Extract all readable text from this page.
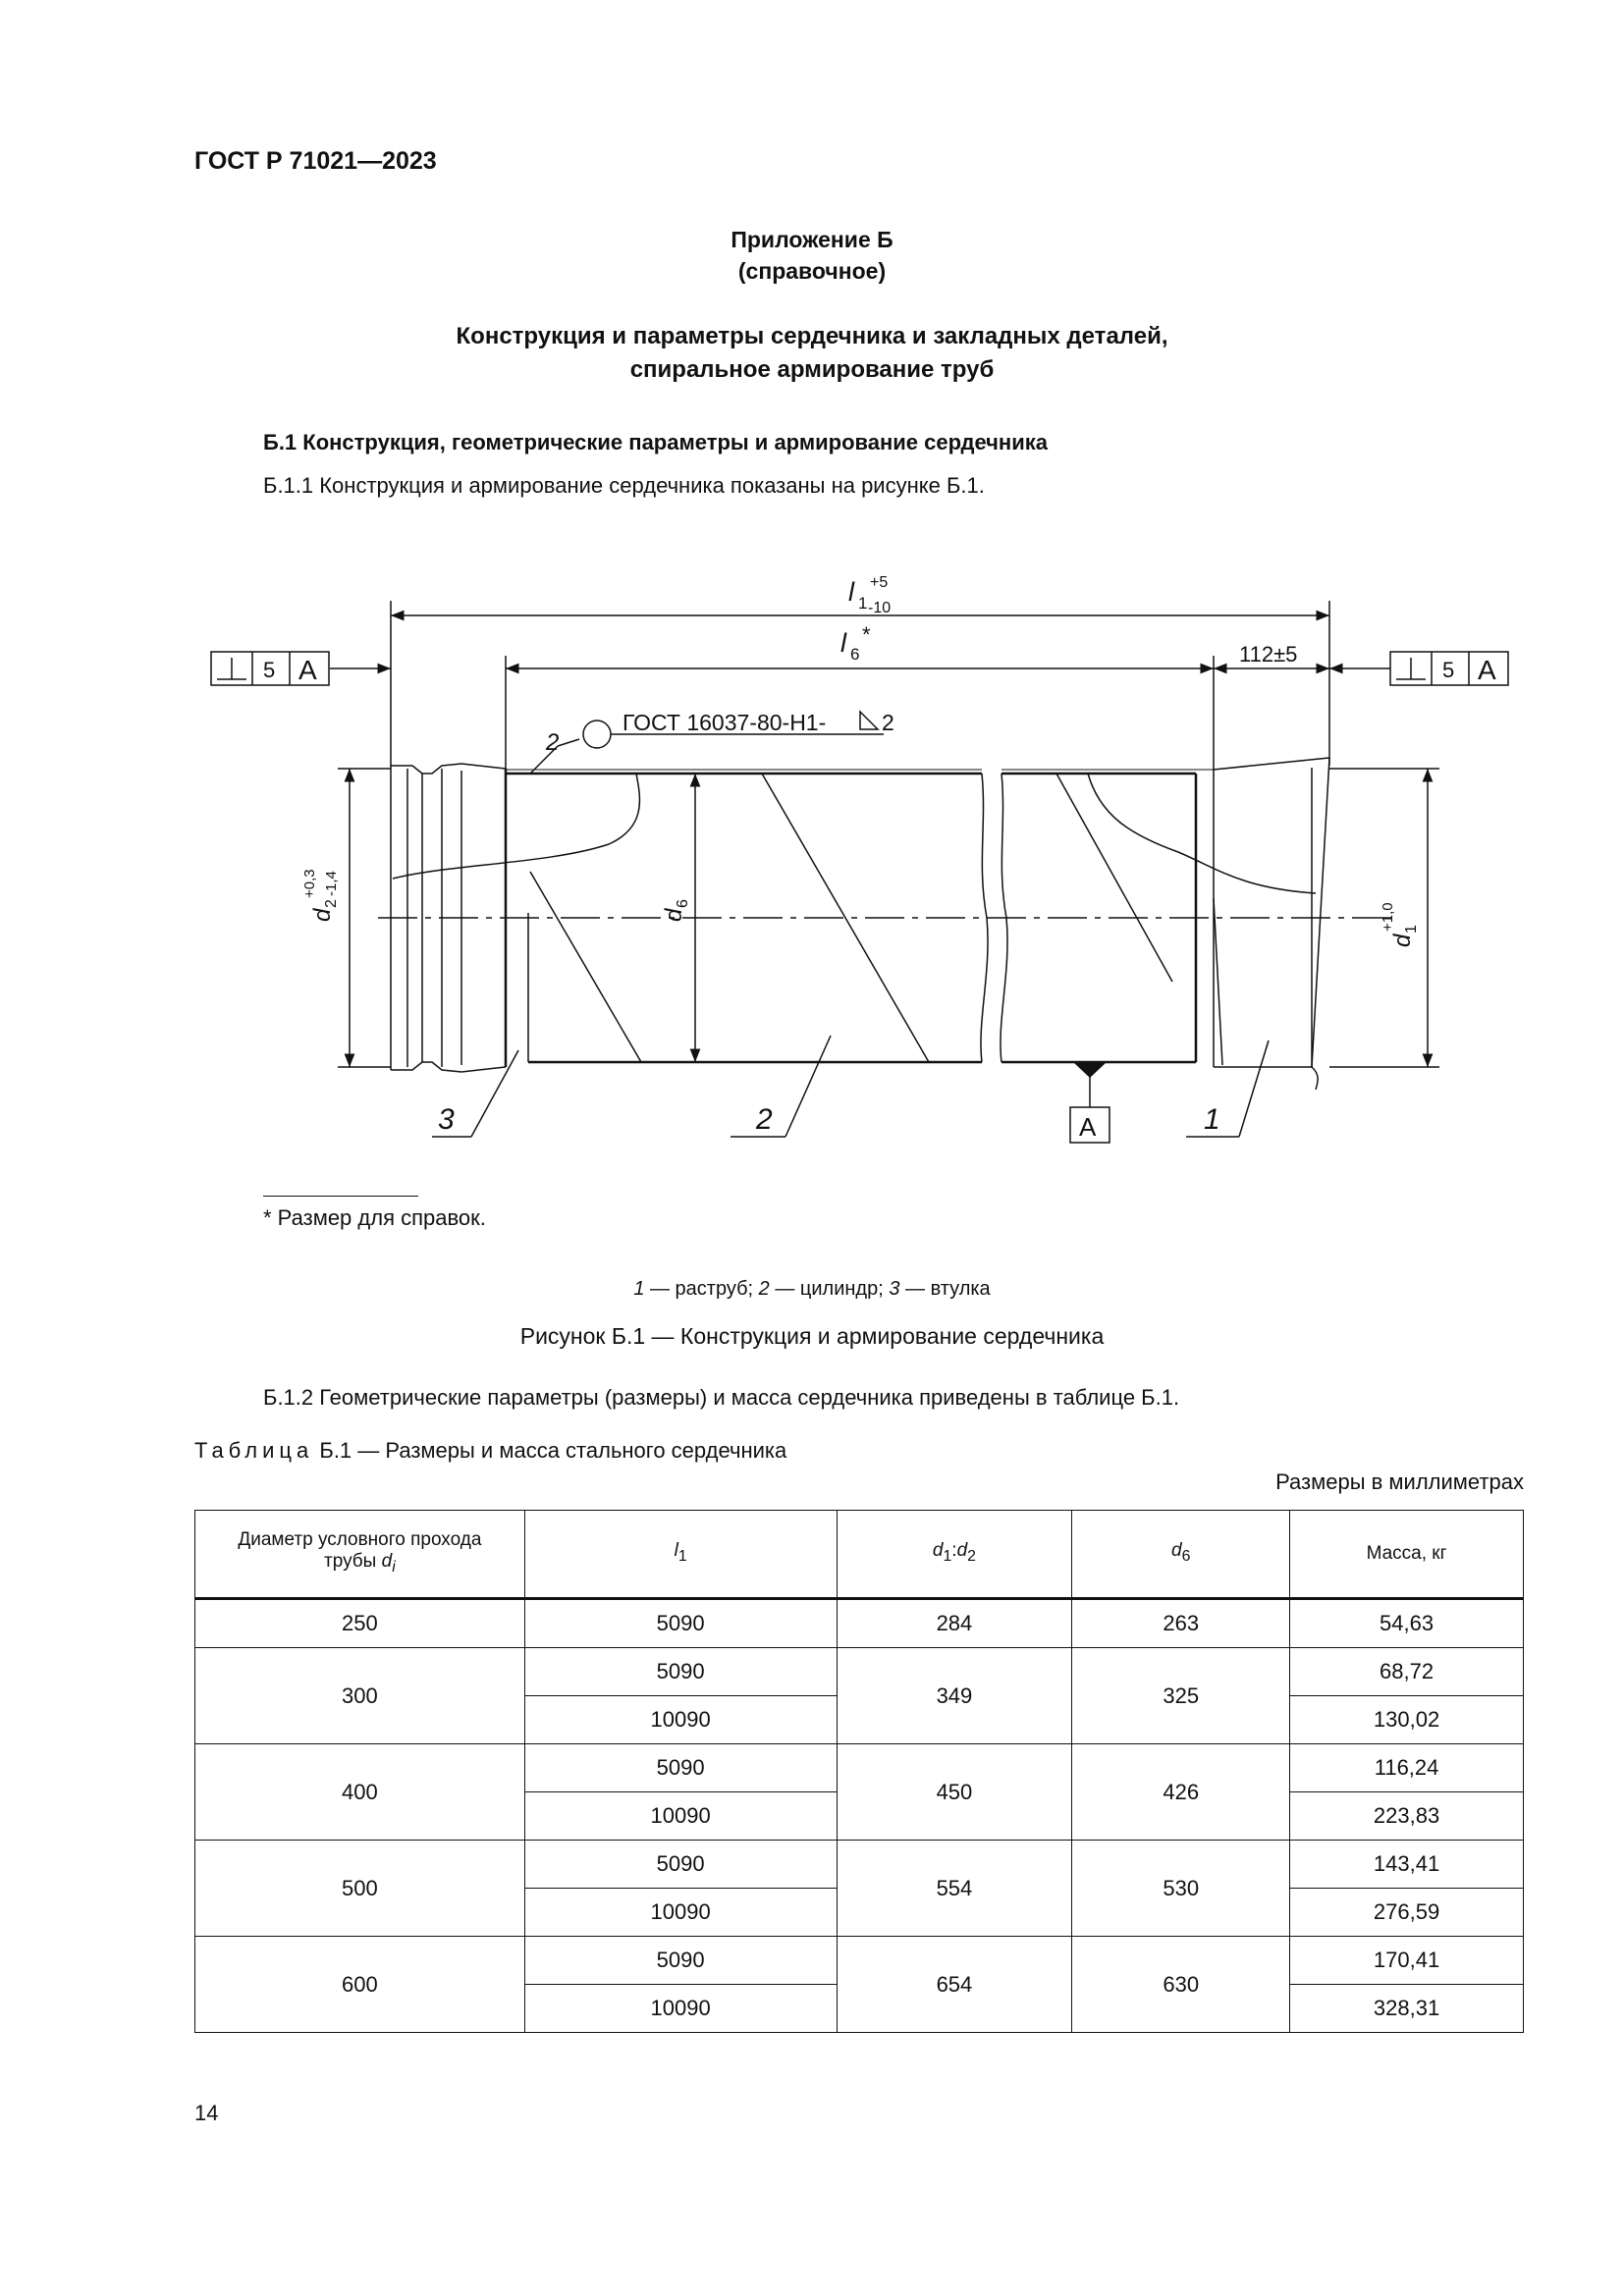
ГОСТ Р 71021—2023
Приложение Б
(справочное)
Конструкция и параметры сердечника и закладных деталей,
спиральное армирование труб
Б.1 Конструкция, геометрические параметры и армирование сердечника
Б.1.1 Конструкция и армирование сердечника показаны на рисунке Б.1.
l 1
+5
-10
l 6
*
112±5
5 A	5 A
ГОСТ 16037-80-Н1- 2
2
A
3	2	1
d
2
+0,3 -1,4
d
6
d
1
+1,0
* Размер для справок.
1 — раструб; 2 — цилиндр; 3 — втулка
Рисунок Б.1 — Конструкция и армирование сердечника
Б.1.2 Геометрические параметры (размеры) и масса сердечника приведены в таблице Б.1.
Таблица Б.1 — Размеры и масса стального сердечника
Размеры в миллиметрах
Диаметр условного прохода
трубы $d_i$	$l_1$	$d_1:d_2$	$d_6$	Масса, кг
250	5090	284	263	54,63
300	5090	349	325	68,72
	10090			130,02
400	5090	450	426	116,24
	10090			223,83
500	5090	554	530	143,41
	10090			276,59
600	5090	654	630	170,41
	10090			328,31
14
